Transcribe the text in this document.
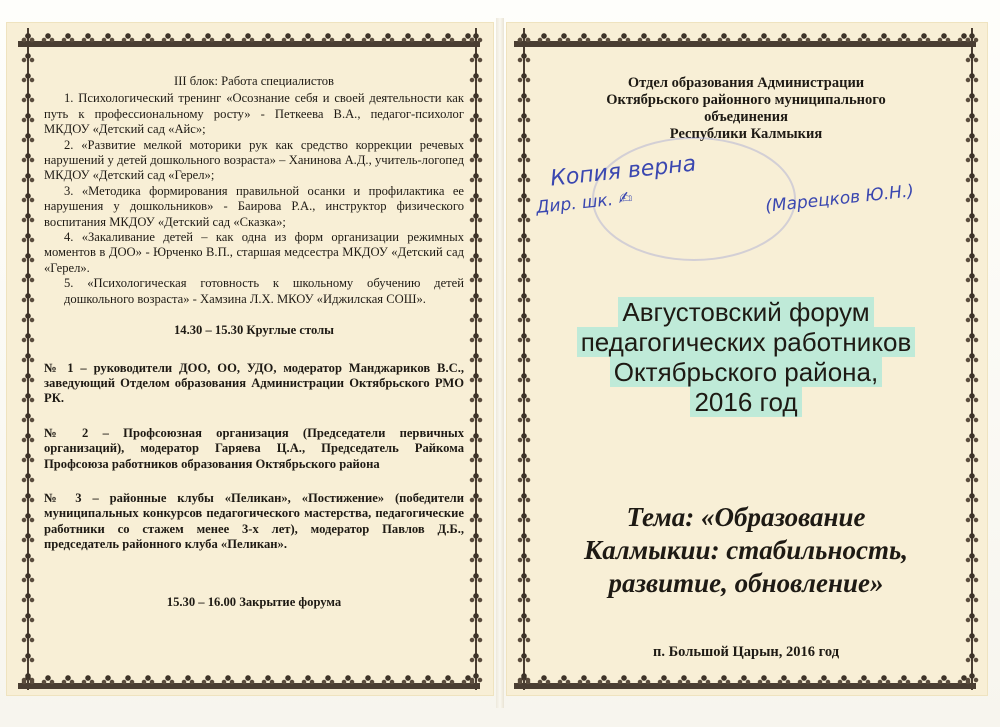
III блок: Работа специалистов

1. Психологический тренинг «Осознание себя и своей деятельности как путь к профессиональному росту» - Петкеева В.А., педагог-психолог МКДОУ «Детский сад «Айс»;

2. «Развитие мелкой моторики рук как средство коррекции речевых нарушений у детей дошкольного возраста» – Ханинова А.Д., учитель-логопед МКДОУ «Детский сад «Герел»;

3. «Методика формирования правильной осанки и профилактика ее нарушения у дошкольников» - Баирова Р.А., инструктор физического воспитания МКДОУ «Детский сад «Сказка»;

4. «Закаливание детей – как одна из форм организации режимных моментов в ДОО» - Юрченко В.П., старшая медсестра МКДОУ «Детский сад «Герел».

5. «Психологическая готовность к школьному обучению детей дошкольного возраста» - Хамзина Л.Х. МКОУ «Иджилская СОШ».

14.30 – 15.30 Круглые столы

№ 1 – руководители ДОО, ОО, УДО, модератор Манджариков В.С., заведующий Отделом образования Администрации Октябрьского РМО РК.

№ 2 – Профсоюзная организация (Председатели первичных организаций), модератор Гаряева Ц.А., Председатель Райкома Профсоюза работников образования Октябрьского района

№ 3 – районные клубы «Пеликан», «Постижение» (победители муниципальных конкурсов педагогического мастерства, педагогические работники со стажем менее 3-х лет), модератор Павлов Д.Б., председатель районного клуба «Пеликан».

15.30 – 16.00 Закрытие форума

Отдел образования Администрации
Октябрьского районного муниципального
объединения
Республики Калмыкия
Копия верна
Дир. шк. ✍	(Марецков Ю.Н.)
Августовский форум
педагогических работников
Октябрьского района,
2016 год
Тема: «Образование
Калмыкии: стабильность,
развитие, обновление»
п. Большой Царын, 2016 год
